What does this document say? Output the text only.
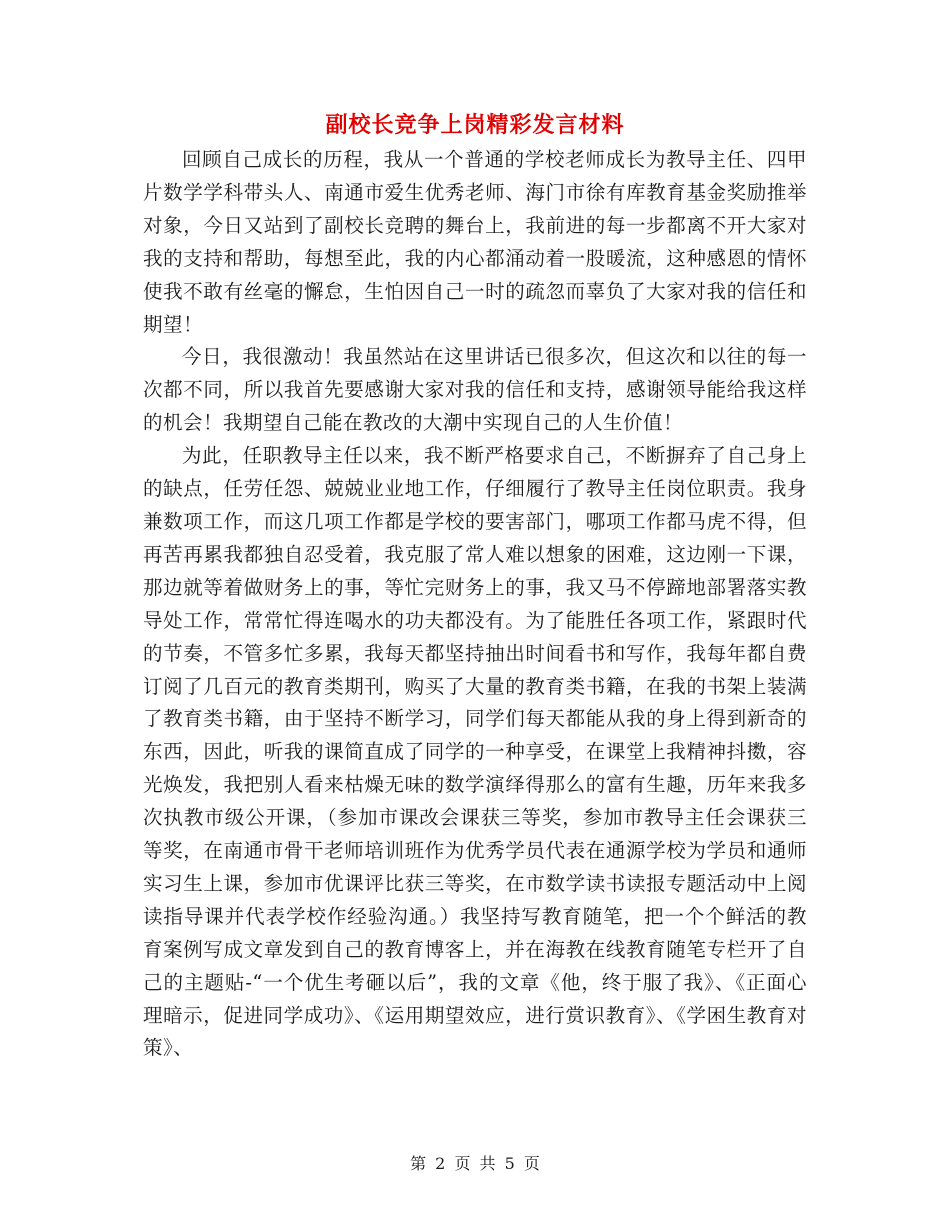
副校长竞争上岗精彩发言材料

回顾自己成长的历程，我从一个普通的学校老师成长为教导主任、四甲片数学学科带头人、南通市爱生优秀老师、海门市徐有库教育基金奖励推举对象，今日又站到了副校长竞聘的舞台上，我前进的每一步都离不开大家对我的支持和帮助，每想至此，我的内心都涌动着一股暖流，这种感恩的情怀使我不敢有丝毫的懈怠，生怕因自己一时的疏忽而辜负了大家对我的信任和期望！

今日，我很激动！我虽然站在这里讲话已很多次，但这次和以往的每一次都不同，所以我首先要感谢大家对我的信任和支持，感谢领导能给我这样的机会！我期望自己能在教改的大潮中实现自己的人生价值！

为此，任职教导主任以来，我不断严格要求自己，不断摒弃了自己身上的缺点，任劳任怨、兢兢业业地工作，仔细履行了教导主任岗位职责。我身兼数项工作，而这几项工作都是学校的要害部门，哪项工作都马虎不得，但再苦再累我都独自忍受着，我克服了常人难以想象的困难，这边刚一下课，那边就等着做财务上的事，等忙完财务上的事，我又马不停蹄地部署落实教导处工作，常常忙得连喝水的功夫都没有。为了能胜任各项工作，紧跟时代的节奏，不管多忙多累，我每天都坚持抽出时间看书和写作，我每年都自费订阅了几百元的教育类期刊，购买了大量的教育类书籍，在我的书架上装满了教育类书籍，由于坚持不断学习，同学们每天都能从我的身上得到新奇的东西，因此，听我的课简直成了同学的一种享受，在课堂上我精神抖擞，容光焕发，我把别人看来枯燥无味的数学演绎得那么的富有生趣，历年来我多次执教市级公开课，（参加市课改会课获三等奖，参加市教导主任会课获三等奖，在南通市骨干老师培训班作为优秀学员代表在通源学校为学员和通师实习生上课，参加市优课评比获三等奖，在市数学读书读报专题活动中上阅读指导课并代表学校作经验沟通。）我坚持写教育随笔，把一个个鲜活的教育案例写成文章发到自己的教育博客上，并在海教在线教育随笔专栏开了自己的主题贴-“一个优生考砸以后”，我的文章《他，终于服了我》、《正面心理暗示，促进同学成功》、《运用期望效应，进行赏识教育》、《学困生教育对策》、

第 2 页 共 5 页
